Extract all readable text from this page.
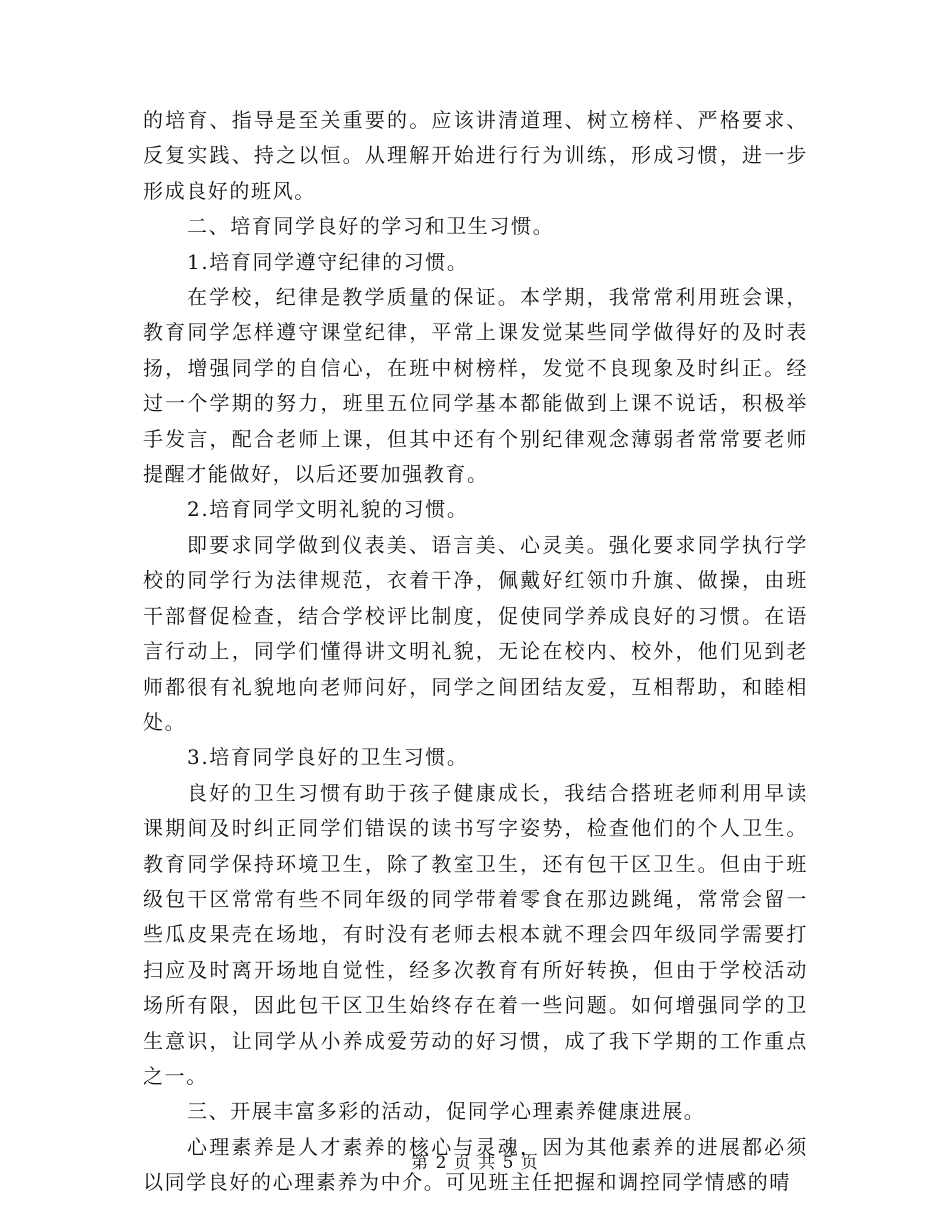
的培育、指导是至关重要的。应该讲清道理、树立榜样、严格要求、反复实践、持之以恒。从理解开始进行行为训练，形成习惯，进一步形成良好的班风。

二、培育同学良好的学习和卫生习惯。

1.培育同学遵守纪律的习惯。

在学校，纪律是教学质量的保证。本学期，我常常利用班会课，教育同学怎样遵守课堂纪律，平常上课发觉某些同学做得好的及时表扬，增强同学的自信心，在班中树榜样，发觉不良现象及时纠正。经过一个学期的努力，班里五位同学基本都能做到上课不说话，积极举手发言，配合老师上课，但其中还有个别纪律观念薄弱者常常要老师提醒才能做好，以后还要加强教育。

2.培育同学文明礼貌的习惯。

即要求同学做到仪表美、语言美、心灵美。强化要求同学执行学校的同学行为法律规范，衣着干净，佩戴好红领巾升旗、做操，由班干部督促检查，结合学校评比制度，促使同学养成良好的习惯。在语言行动上，同学们懂得讲文明礼貌，无论在校内、校外，他们见到老师都很有礼貌地向老师问好，同学之间团结友爱，互相帮助，和睦相处。

3.培育同学良好的卫生习惯。

良好的卫生习惯有助于孩子健康成长，我结合搭班老师利用早读课期间及时纠正同学们错误的读书写字姿势，检查他们的个人卫生。教育同学保持环境卫生，除了教室卫生，还有包干区卫生。但由于班级包干区常常有些不同年级的同学带着零食在那边跳绳，常常会留一些瓜皮果壳在场地，有时没有老师去根本就不理会四年级同学需要打扫应及时离开场地自觉性，经多次教育有所好转换，但由于学校活动场所有限，因此包干区卫生始终存在着一些问题。如何增强同学的卫生意识，让同学从小养成爱劳动的好习惯，成了我下学期的工作重点之一。

三、开展丰富多彩的活动，促同学心理素养健康进展。

心理素养是人才素养的核心与灵魂，因为其他素养的进展都必须以同学良好的心理素养为中介。可见班主任把握和调控同学情感的晴

第 2 页 共 5 页
